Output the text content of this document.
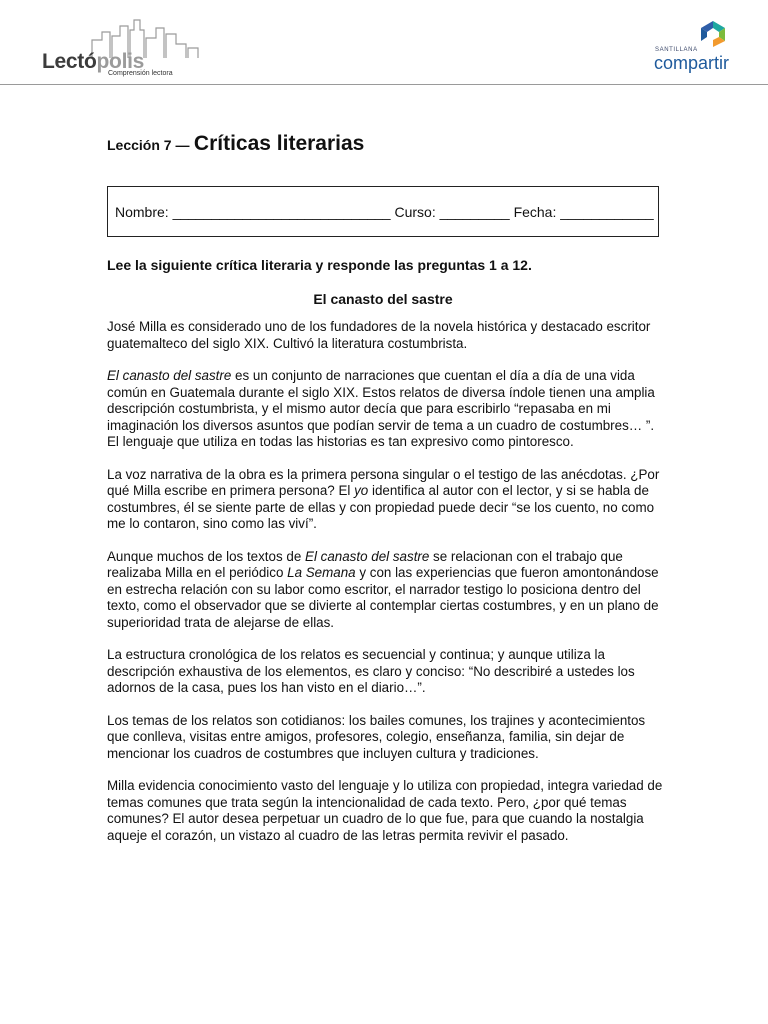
Lectópolis
Comprensión lectora
SANTILLANA
compartir
Lección 7 — Críticas literarias
Nombre: ____________________________ Curso: _________ Fecha: ____________
Lee la siguiente crítica literaria y responde las preguntas 1 a 12.
El canasto del sastre

José Milla es considerado uno de los fundadores de la novela histórica y destacado escritor guatemalteco del siglo XIX. Cultivó la literatura costumbrista.

El canasto del sastre es un conjunto de narraciones que cuentan el día a día de una vida común en Guatemala durante el siglo XIX. Estos relatos de diversa índole tienen una amplia descripción costumbrista, y el mismo autor decía que para escribirlo “repasaba en mi imaginación los diversos asuntos que podían servir de tema a un cuadro de costumbres… ”. El lenguaje que utiliza en todas las historias es tan expresivo como pintoresco.

La voz narrativa de la obra es la primera persona singular o el testigo de las anécdotas. ¿Por qué Milla escribe en primera persona? El yo identifica al autor con el lector, y si se habla de costumbres, él se siente parte de ellas y con propiedad puede decir “se los cuento, no como me lo contaron, sino como las viví”.

Aunque muchos de los textos de El canasto del sastre se relacionan con el trabajo que realizaba Milla en el periódico La Semana y con las experiencias que fueron amontonándose en estrecha relación con su labor como escritor, el narrador testigo lo posiciona dentro del texto, como el observador que se divierte al contemplar ciertas costumbres, y en un plano de superioridad trata de alejarse de ellas.

La estructura cronológica de los relatos es secuencial y continua; y aunque utiliza la descripción exhaustiva de los elementos, es claro y conciso: “No describiré a ustedes los adornos de la casa, pues los han visto en el diario…”.

Los temas de los relatos son cotidianos: los bailes comunes, los trajines y acontecimientos que conlleva, visitas entre amigos, profesores, colegio, enseñanza, familia, sin dejar de mencionar los cuadros de costumbres que incluyen cultura y tradiciones.

Milla evidencia conocimiento vasto del lenguaje y lo utiliza con propiedad, integra variedad de temas comunes que trata según la intencionalidad de cada texto. Pero, ¿por qué temas comunes? El autor desea perpetuar un cuadro de lo que fue, para que cuando la nostalgia aqueje el corazón, un vistazo al cuadro de las letras permita revivir el pasado.
